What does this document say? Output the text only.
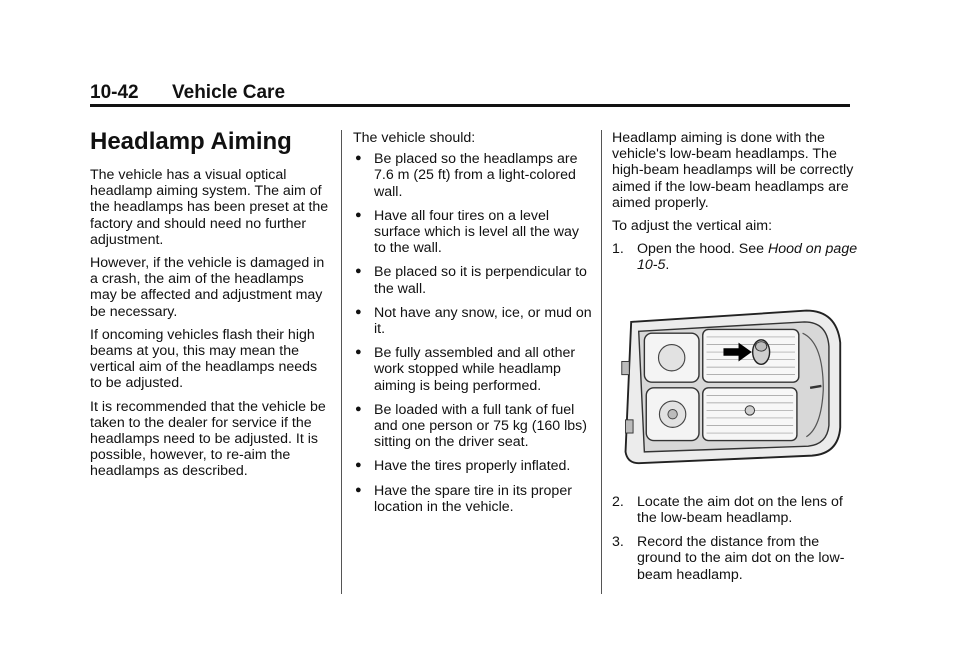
10-42 Vehicle Care
Headlamp Aiming

The vehicle has a visual optical headlamp aiming system. The aim of the headlamps has been preset at the factory and should need no further adjustment.

However, if the vehicle is damaged in a crash, the aim of the headlamps may be affected and adjustment may be necessary.

If oncoming vehicles flash their high beams at you, this may mean the vertical aim of the headlamps needs to be adjusted.

It is recommended that the vehicle be taken to the dealer for service if the headlamps need to be adjusted. It is possible, however, to re-aim the headlamps as described.

The vehicle should:

● Be placed so the headlamps are 7.6 m (25 ft) from a light-colored wall.
● Have all four tires on a level surface which is level all the way to the wall.
● Be placed so it is perpendicular to the wall.
● Not have any snow, ice, or mud on it.
● Be fully assembled and all other work stopped while headlamp aiming is being performed.
● Be loaded with a full tank of fuel and one person or 75 kg (160 lbs) sitting on the driver seat.
● Have the tires properly inflated.
● Have the spare tire in its proper location in the vehicle.

Headlamp aiming is done with the vehicle's low-beam headlamps. The high-beam headlamps will be correctly aimed if the low-beam headlamps are aimed properly.

To adjust the vertical aim:

1. Open the hood. See Hood on page 10-5.
2. Locate the aim dot on the lens of the low-beam headlamp.
3. Record the distance from the ground to the aim dot on the low-beam headlamp.
